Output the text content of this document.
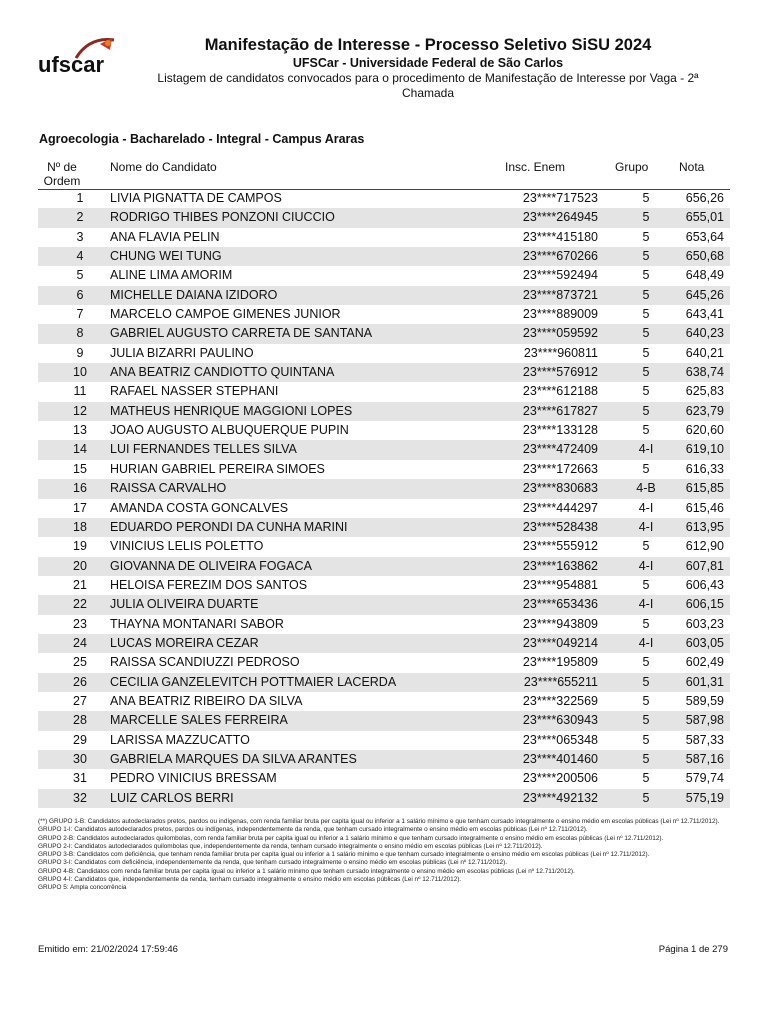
ufscar
Manifestação de Interesse - Processo Seletivo SiSU 2024
UFSCar - Universidade Federal de São Carlos
Listagem de candidatos convocados para o procedimento de Manifestação de Interesse por Vaga - 2ª
Chamada
Agroecologia - Bacharelado - Integral - Campus Araras
Nº de
Ordem
Nome do Candidato	Insc. Enem	Grupo	Nota
1	LIVIA PIGNATTA DE CAMPOS	23****717523	5	656,26
2	RODRIGO THIBES PONZONI CIUCCIO	23****264945	5	655,01
3	ANA FLAVIA PELIN	23****415180	5	653,64
4	CHUNG WEI TUNG	23****670266	5	650,68
5	ALINE LIMA AMORIM	23****592494	5	648,49
6	MICHELLE DAIANA IZIDORO	23****873721	5	645,26
7	MARCELO CAMPOE GIMENES JUNIOR	23****889009	5	643,41
8	GABRIEL AUGUSTO CARRETA DE SANTANA	23****059592	5	640,23
9	JULIA BIZARRI PAULINO	23****960811	5	640,21
10	ANA BEATRIZ CANDIOTTO QUINTANA	23****576912	5	638,74
11	RAFAEL NASSER STEPHANI	23****612188	5	625,83
12	MATHEUS HENRIQUE MAGGIONI LOPES	23****617827	5	623,79
13	JOAO AUGUSTO ALBUQUERQUE PUPIN	23****133128	5	620,60
14	LUI FERNANDES TELLES SILVA	23****472409	4-I	619,10
15	HURIAN GABRIEL PEREIRA SIMOES	23****172663	5	616,33
16	RAISSA CARVALHO	23****830683	4-B	615,85
17	AMANDA COSTA GONCALVES	23****444297	4-I	615,46
18	EDUARDO PERONDI DA CUNHA MARINI	23****528438	4-I	613,95
19	VINICIUS LELIS POLETTO	23****555912	5	612,90
20	GIOVANNA DE OLIVEIRA FOGACA	23****163862	4-I	607,81
21	HELOISA FEREZIM DOS SANTOS	23****954881	5	606,43
22	JULIA OLIVEIRA DUARTE	23****653436	4-I	606,15
23	THAYNA MONTANARI SABOR	23****943809	5	603,23
24	LUCAS MOREIRA CEZAR	23****049214	4-I	603,05
25	RAISSA SCANDIUZZI PEDROSO	23****195809	5	602,49
26	CECILIA GANZELEVITCH POTTMAIER LACERDA	23****655211	5	601,31
27	ANA BEATRIZ RIBEIRO DA SILVA	23****322569	5	589,59
28	MARCELLE SALES FERREIRA	23****630943	5	587,98
29	LARISSA MAZZUCATTO	23****065348	5	587,33
30	GABRIELA MARQUES DA SILVA ARANTES	23****401460	5	587,16
31	PEDRO VINICIUS BRESSAM	23****200506	5	579,74
32	LUIZ CARLOS BERRI	23****492132	5	575,19
(**) GRUPO 1-B: Candidatos autodeclarados pretos, pardos ou indígenas, com renda familiar bruta per capita igual ou inferior a 1 salário mínimo e que tenham cursado integralmente o ensino médio em escolas públicas (Lei nº 12.711/2012).
GRUPO 1-I: Candidatos autodeclarados pretos, pardos ou indígenas, independentemente da renda, que tenham cursado integralmente o ensino médio em escolas públicas (Lei nº 12.711/2012).
GRUPO 2-B: Candidatos autodeclarados quilombolas, com renda familiar bruta per capita igual ou inferior a 1 salário mínimo e que tenham cursado integralmente o ensino médio em escolas públicas (Lei nº 12.711/2012).
GRUPO 2-I: Candidatos autodeclarados quilombolas que, independentemente da renda, tenham cursado integralmente o ensino médio em escolas públicas (Lei nº 12.711/2012).
GRUPO 3-B: Candidatos com deficiência, que tenham renda familiar bruta per capita igual ou inferior a 1 salário mínimo e que tenham cursado integralmente o ensino médio em escolas públicas (Lei nº 12.711/2012).
GRUPO 3-I: Candidatos com deficiência, independentemente da renda, que tenham cursado integralmente o ensino médio em escolas públicas (Lei nº 12.711/2012).
GRUPO 4-B: Candidatos com renda familiar bruta per capita igual ou inferior a 1 salário mínimo que tenham cursado integralmente o ensino médio em escolas públicas (Lei nº 12.711/2012).
GRUPO 4-I: Candidatos que, independentemente da renda, tenham cursado integralmente o ensino médio em escolas públicas (Lei nº 12.711/2012).
GRUPO 5: Ampla concorrência
Emitido em: 21/02/2024 17:59:46	Página 1 de 279
